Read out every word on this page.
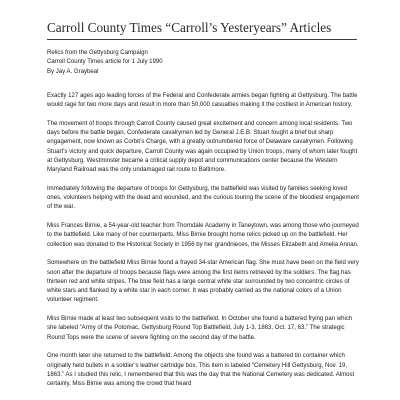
Carroll County Times “Carroll’s Yesteryears” Articles
Relics from the Gettysburg Campaign
Carroll County Times article for 1 July 1990
By Jay A. Graybeal

Exactly 127 ages ago leading forces of the Federal and Confederate armies began fighting at Gettysburg. The battle would rage for two more days and result in more than 50,000 casualties making it the costliest in American history.

The movement of troops through Carroll County caused great excitement and concern among local residents. Two days before the battle began, Confederate cavalrymen led by General J.E.B. Stuart fought a brief but sharp engagement, now known as Corbit’s Charge, with a greatly outnumbered force of Delaware cavalrymen. Following Stuart’s victory and quick departure, Carroll County was again occupied by Union troops, many of whom later fought at Gettysburg. Westminster became a critical supply depot and communications center because the Western Maryland Railroad was the only undamaged rail route to Baltimore.

Immediately following the departure of troops for Gettysburg, the battlefield was visited by families seeking loved ones, volunteers helping with the dead and wounded, and the curious touring the scene of the bloodiest engagement of the war.

Miss Frances Birnie, a 54-year-old teacher from Thorndale Academy in Taneytown, was among those who journeyed to the battlefield. Like many of her counterparts, Miss Birnie brought home relics picked up on the battlefield. Her collection was donated to the Historical Society in 1956 by her grandnieces, the Misses Elizabeth and Amelia Annan.

Somewhere on the battlefield Miss Birnie found a frayed 34-star American flag. She must have been on the field very soon after the departure of troops because flags were among the first items retrieved by the soldiers. The flag has thirteen red and white stripes. The blue field has a large central white star surrounded by two concentric circles of white stars and flanked by a white star in each corner. It was probably carried as the national colors of a Union volunteer regiment.

Miss Birnie made at least two subsequent visits to the battlefield. In October she found a battered frying pan which she labeled “Army of the Potomac, Gettysburg Round Top Battlefield, July 1-3, 1863, Oct. 17, 63.” The strategic Round Tops were the scene of severe fighting on the second day of the battle.

One month later she returned to the battlefield. Among the objects she found was a battered tin container which originally held bullets in a soldier’s leather cartridge box. This item is labeled “Cemetery Hill Gettysburg, Nov. 19, 1863.” As I studied this relic, I remembered that this was the day that the National Cemetery was dedicated. Almost certainly, Miss Birnie was among the crowd that heard
